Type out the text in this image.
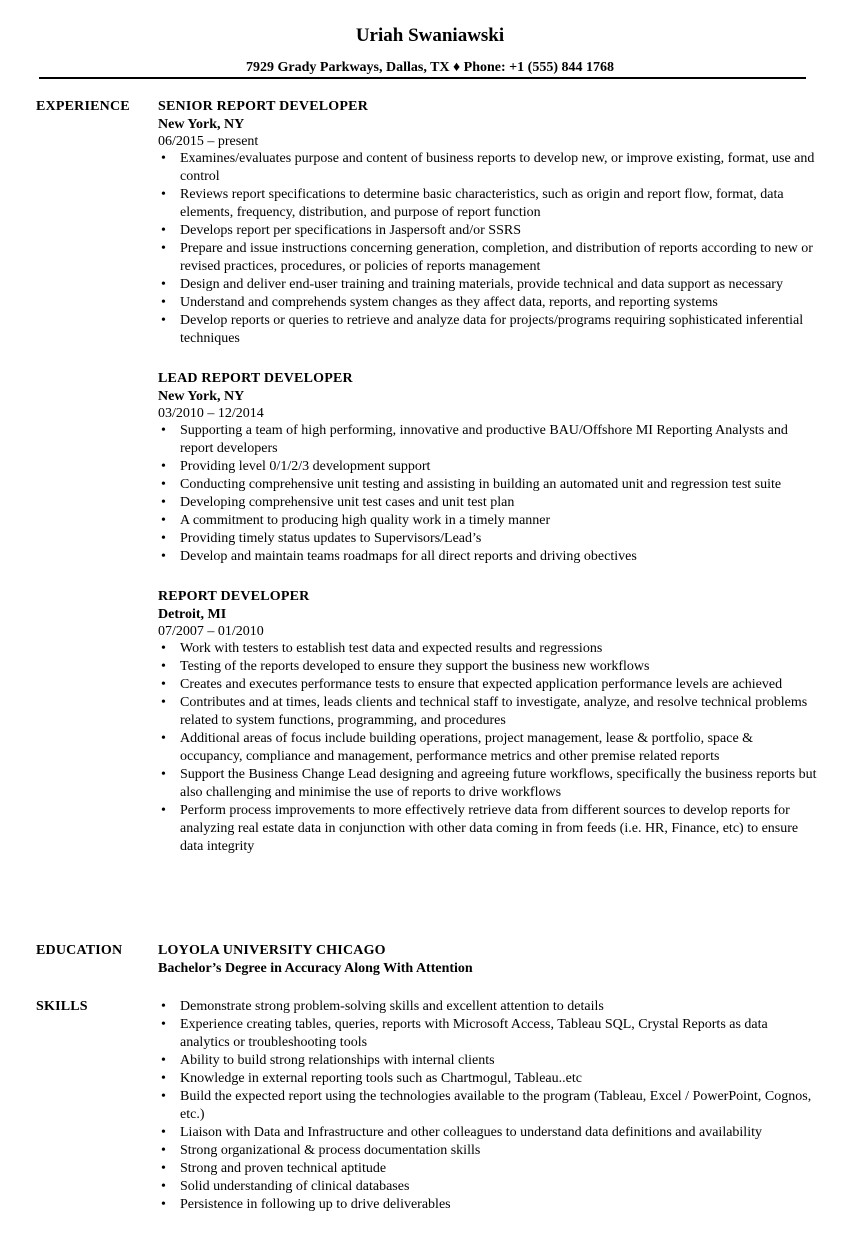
Uriah Swaniawski
7929 Grady Parkways, Dallas, TX ♦ Phone: +1 (555) 844 1768
EXPERIENCE SENIOR REPORT DEVELOPER
New York, NY
06/2015 – present
• Examines/evaluates purpose and content of business reports to develop new, or improve existing, format, use and control
• Reviews report specifications to determine basic characteristics, such as origin and report flow, format, data elements, frequency, distribution, and purpose of report function
• Develops report per specifications in Jaspersoft and/or SSRS
• Prepare and issue instructions concerning generation, completion, and distribution of reports according to new or revised practices, procedures, or policies of reports management
• Design and deliver end-user training and training materials, provide technical and data support as necessary
• Understand and comprehends system changes as they affect data, reports, and reporting systems
• Develop reports or queries to retrieve and analyze data for projects/programs requiring sophisticated inferential techniques
LEAD REPORT DEVELOPER
New York, NY
03/2010 – 12/2014
• Supporting a team of high performing, innovative and productive BAU/Offshore MI Reporting Analysts and report developers
• Providing level 0/1/2/3 development support
• Conducting comprehensive unit testing and assisting in building an automated unit and regression test suite
• Developing comprehensive unit test cases and unit test plan
• A commitment to producing high quality work in a timely manner
• Providing timely status updates to Supervisors/Lead’s
• Develop and maintain teams roadmaps for all direct reports and driving obectives
REPORT DEVELOPER
Detroit, MI
07/2007 – 01/2010
• Work with testers to establish test data and expected results and regressions
• Testing of the reports developed to ensure they support the business new workflows
• Creates and executes performance tests to ensure that expected application performance levels are achieved
• Contributes and at times, leads clients and technical staff to investigate, analyze, and resolve technical problems related to system functions, programming, and procedures
• Additional areas of focus include building operations, project management, lease & portfolio, space & occupancy, compliance and management, performance metrics and other premise related reports
• Support the Business Change Lead designing and agreeing future workflows, specifically the business reports but also challenging and minimise the use of reports to drive workflows
• Perform process improvements to more effectively retrieve data from different sources to develop reports for analyzing real estate data in conjunction with other data coming in from feeds (i.e. HR, Finance, etc) to ensure data integrity
EDUCATION	LOYOLA UNIVERSITY CHICAGO
Bachelor’s Degree in Accuracy Along With Attention
SKILLS
•	Demonstrate strong problem-solving skills and excellent attention to details
• Experience creating tables, queries, reports with Microsoft Access, Tableau SQL, Crystal Reports as data analytics or troubleshooting tools
• Ability to build strong relationships with internal clients
• Knowledge in external reporting tools such as Chartmogul, Tableau..etc
• Build the expected report using the technologies available to the program (Tableau, Excel / PowerPoint, Cognos, etc.)
• Liaison with Data and Infrastructure and other colleagues to understand data definitions and availability
• Strong organizational & process documentation skills
• Strong and proven technical aptitude
• Solid understanding of clinical databases
• Persistence in following up to drive deliverables
